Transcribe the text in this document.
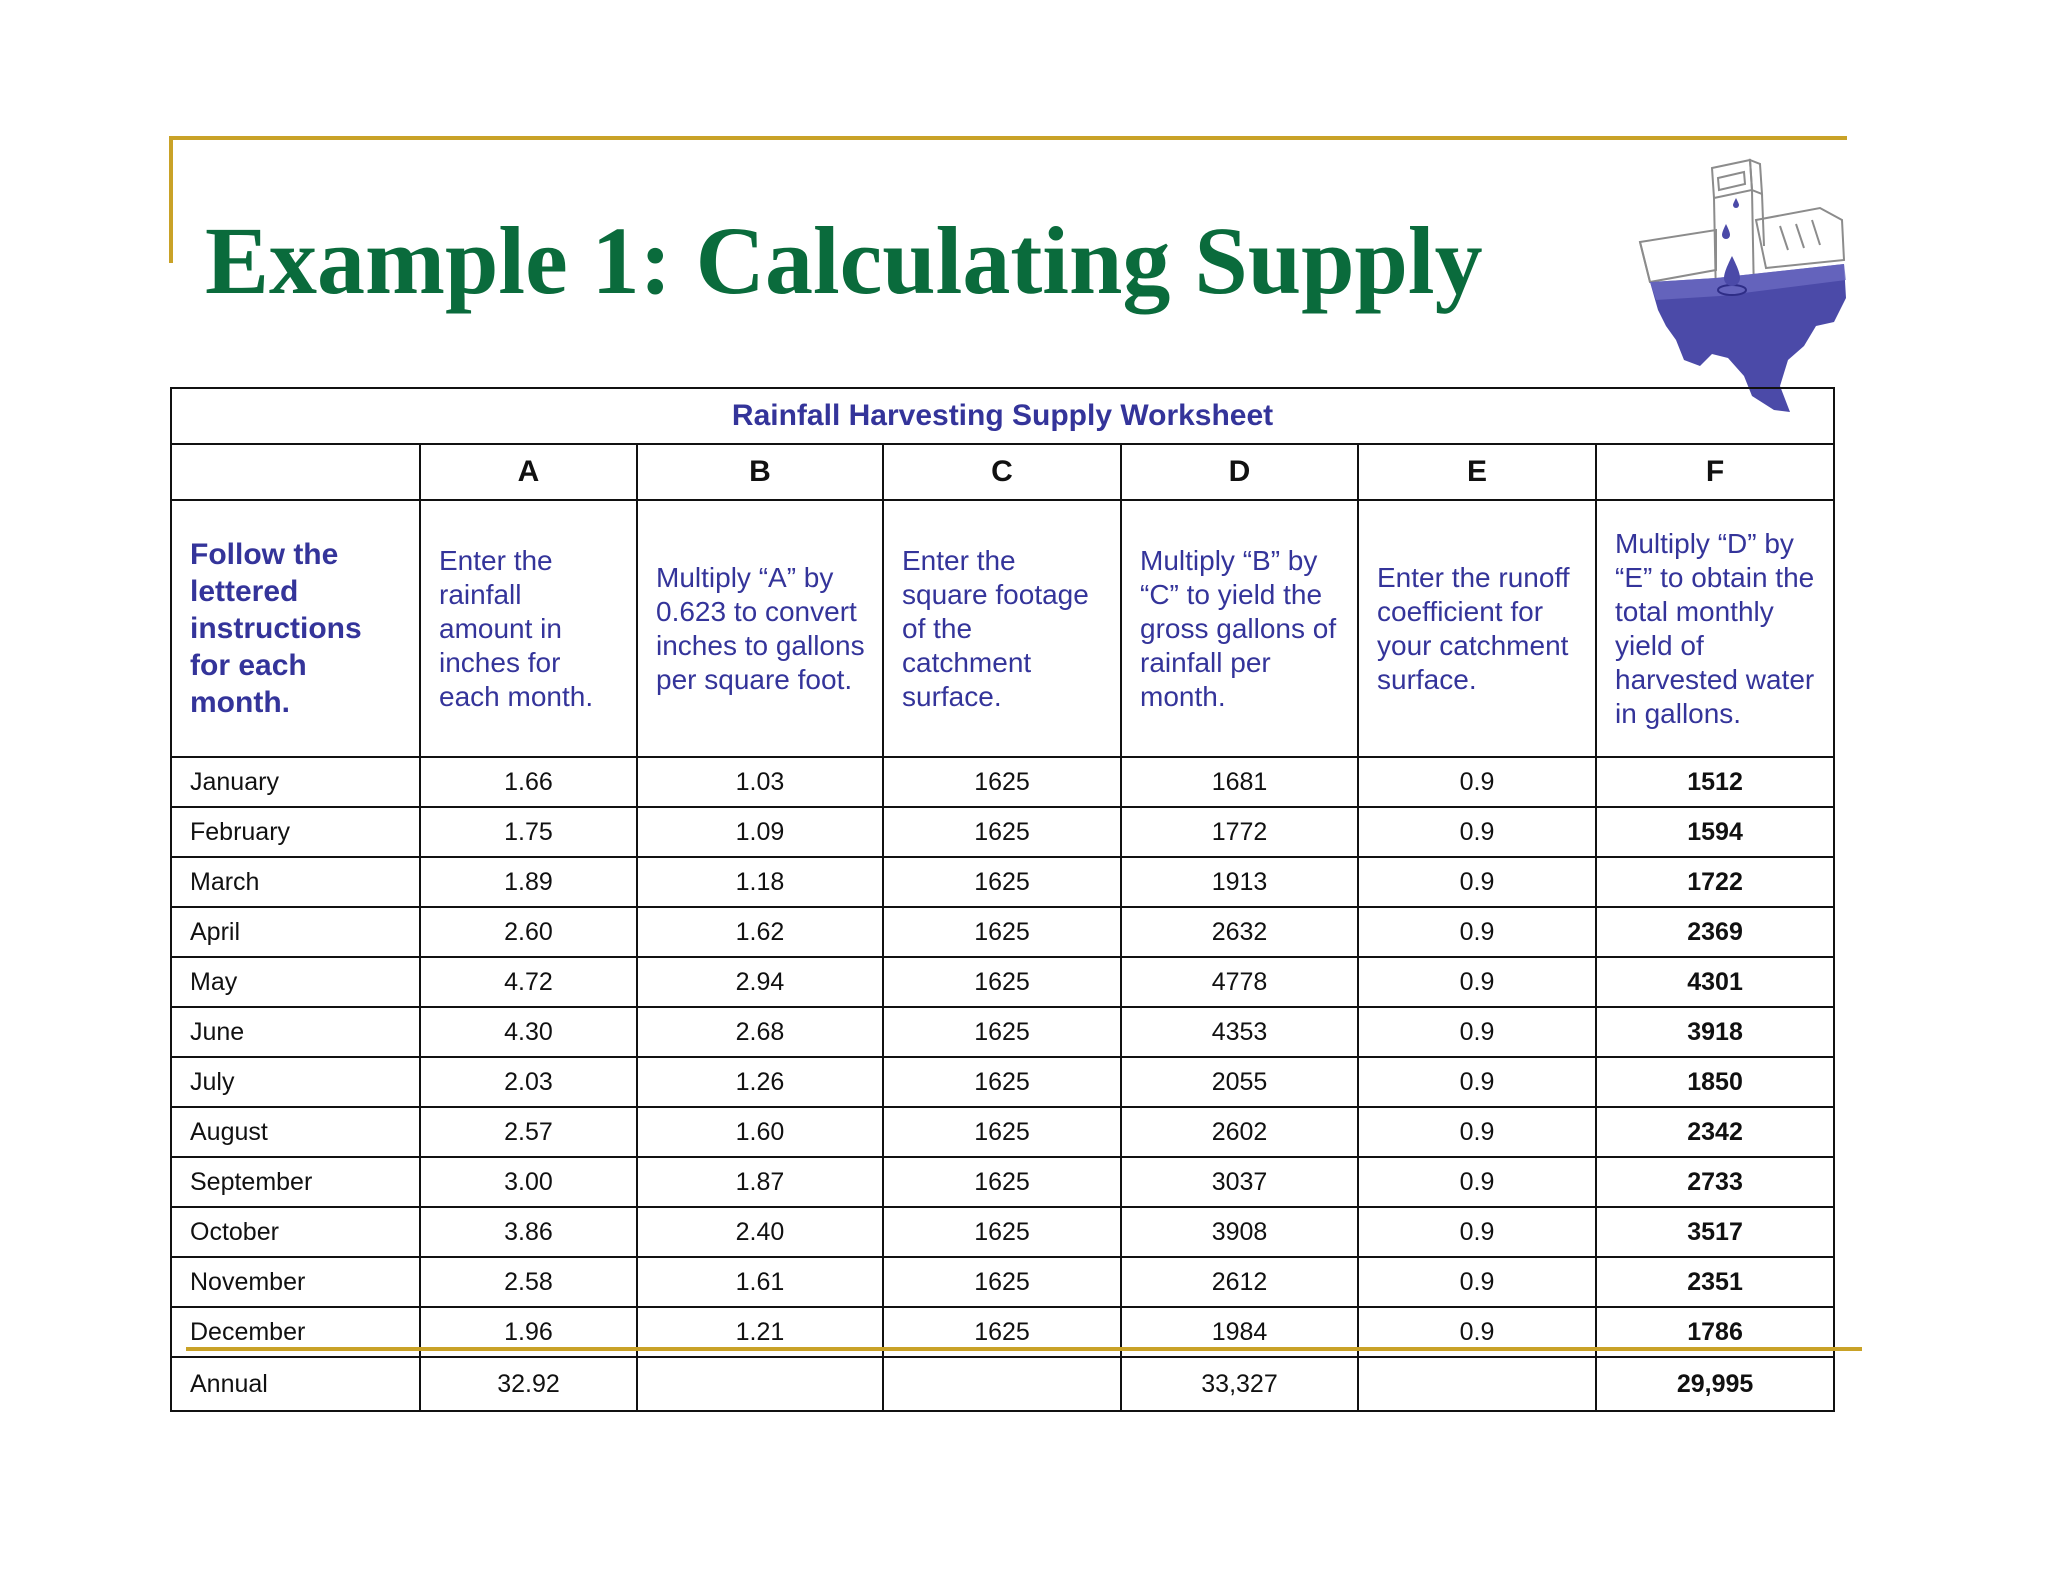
Example 1: Calculating Supply
Rainfall Harvesting Supply Worksheet						
	A	B	C	D	E	F
Follow the lettered instructions for each month.	Enter the rainfall amount in inches for each month.	Multiply “A” by 0.623 to convert inches to gallons per square foot.	Enter the square footage of the catchment surface.	Multiply “B” by “C” to yield the gross gallons of rainfall per month.	Enter the runoff coefficient for your catchment surface.	Multiply “D” by “E” to obtain the total monthly yield of harvested water in gallons.
January	1.66	1.03	1625	1681	0.9	1512
February	1.75	1.09	1625	1772	0.9	1594
March	1.89	1.18	1625	1913	0.9	1722
April	2.60	1.62	1625	2632	0.9	2369
May	4.72	2.94	1625	4778	0.9	4301
June	4.30	2.68	1625	4353	0.9	3918
July	2.03	1.26	1625	2055	0.9	1850
August	2.57	1.60	1625	2602	0.9	2342
September	3.00	1.87	1625	3037	0.9	2733
October	3.86	2.40	1625	3908	0.9	3517
November	2.58	1.61	1625	2612	0.9	2351
December	1.96	1.21	1625	1984	0.9	1786
Annual	32.92			33,327		29,995
